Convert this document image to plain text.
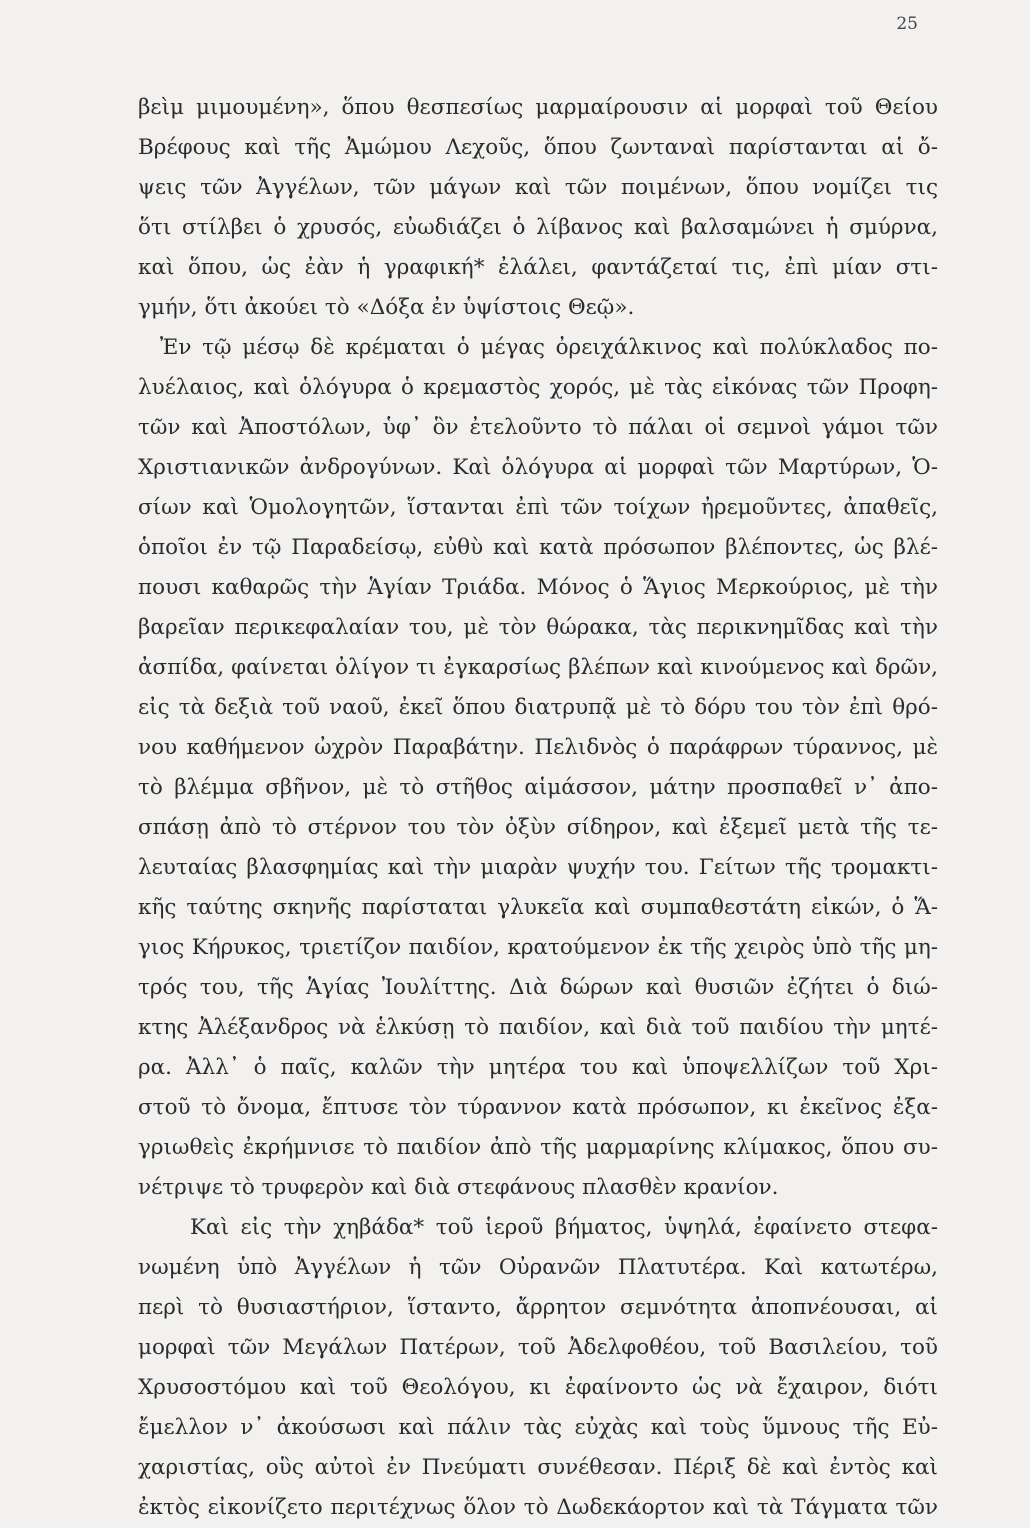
25
βεὶμ μιμουμένη», ὅπου θεσπεσίως μαρμαίρουσιν αἱ μορφαὶ τοῦ Θείου
Βρέφους καὶ τῆς Ἀμώμου Λεχοῦς, ὅπου ζωνταναὶ παρίστανται αἱ ὄ-
ψεις τῶν Ἀγγέλων, τῶν μάγων καὶ τῶν ποιμένων, ὅπου νομίζει τις
ὅτι στίλβει ὁ χρυσός, εὐωδιάζει ὁ λίβανος καὶ βαλσαμώνει ἡ σμύρνα,
καὶ ὅπου, ὡς ἐὰν ἡ γραφική* ἐλάλει, φαντάζεταί τις, ἐπὶ μίαν στι-
γμήν, ὅτι ἀκούει τὸ «Δόξα ἐν ὑψίστοις Θεῷ».
Ἐν τῷ μέσῳ δὲ κρέμαται ὁ μέγας ὀρειχάλκινος καὶ πολύκλαδος πο-
λυέλαιος, καὶ ὁλόγυρα ὁ κρεμαστὸς χορός, μὲ τὰς εἰκόνας τῶν Προφη-
τῶν καὶ Ἀποστόλων, ὑφ᾽ ὃν ἐτελοῦντο τὸ πάλαι οἱ σεμνοὶ γάμοι τῶν
Χριστιανικῶν ἀνδρογύνων. Καὶ ὁλόγυρα αἱ μορφαὶ τῶν Μαρτύρων, Ὁ-
σίων καὶ Ὁμολογητῶν, ἵστανται ἐπὶ τῶν τοίχων ἠρεμοῦντες, ἀπαθεῖς,
ὁποῖοι ἐν τῷ Παραδείσῳ, εὐθὺ καὶ κατὰ πρόσωπον βλέποντες, ὡς βλέ-
πουσι καθαρῶς τὴν Ἁγίαν Τριάδα. Μόνος ὁ Ἅγιος Μερκούριος, μὲ τὴν
βαρεῖαν περικεφαλαίαν του, μὲ τὸν θώρακα, τὰς περικνημῖδας καὶ τὴν
ἀσπίδα, φαίνεται ὀλίγον τι ἐγκαρσίως βλέπων καὶ κινούμενος καὶ δρῶν,
εἰς τὰ δεξιὰ τοῦ ναοῦ, ἐκεῖ ὅπου διατρυπᾷ μὲ τὸ δόρυ του τὸν ἐπὶ θρό-
νου καθήμενον ὠχρὸν Παραβάτην. Πελιδνὸς ὁ παράφρων τύραννος, μὲ
τὸ βλέμμα σβῆνον, μὲ τὸ στῆθος αἱμάσσον, μάτην προσπαθεῖ ν᾽ ἀπο-
σπάσῃ ἀπὸ τὸ στέρνον του τὸν ὀξὺν σίδηρον, καὶ ἐξεμεῖ μετὰ τῆς τε-
λευταίας βλασφημίας καὶ τὴν μιαρὰν ψυχήν του. Γείτων τῆς τρομακτι-
κῆς ταύτης σκηνῆς παρίσταται γλυκεῖα καὶ συμπαθεστάτη εἰκών, ὁ Ἅ-
γιος Κήρυκος, τριετίζον παιδίον, κρατούμενον ἐκ τῆς χειρὸς ὑπὸ τῆς μη-
τρός του, τῆς Ἁγίας Ἰουλίττης. Διὰ δώρων καὶ θυσιῶν ἐζήτει ὁ διώ-
κτης Ἀλέξανδρος νὰ ἑλκύσῃ τὸ παιδίον, καὶ διὰ τοῦ παιδίου τὴν μητέ-
ρα. Ἀλλ᾽ ὁ παῖς, καλῶν τὴν μητέρα του καὶ ὑποψελλίζων τοῦ Χρι-
στοῦ τὸ ὄνομα, ἔπτυσε τὸν τύραννον κατὰ πρόσωπον, κι ἐκεῖνος ἐξα-
γριωθεὶς ἐκρήμνισε τὸ παιδίον ἀπὸ τῆς μαρμαρίνης κλίμακος, ὅπου συ-
νέτριψε τὸ τρυφερὸν καὶ διὰ στεφάνους πλασθὲν κρανίον.
Καὶ εἰς τὴν χηβάδα* τοῦ ἱεροῦ βήματος, ὑψηλά, ἐφαίνετο στεφα-
νωμένη ὑπὸ Ἀγγέλων ἡ τῶν Οὐρανῶν Πλατυτέρα. Καὶ κατωτέρω,
περὶ τὸ θυσιαστήριον, ἵσταντο, ἄρρητον σεμνότητα ἀποπνέουσαι, αἱ
μορφαὶ τῶν Μεγάλων Πατέρων, τοῦ Ἀδελφοθέου, τοῦ Βασιλείου, τοῦ
Χρυσοστόμου καὶ τοῦ Θεολόγου, κι ἐφαίνοντο ὡς νὰ ἔχαιρον, διότι
ἔμελλον ν᾽ ἀκούσωσι καὶ πάλιν τὰς εὐχὰς καὶ τοὺς ὕμνους τῆς Εὐ-
χαριστίας, οὓς αὐτοὶ ἐν Πνεύματι συνέθεσαν. Πέριξ δὲ καὶ ἐντὸς καὶ
ἐκτὸς εἰκονίζετο περιτέχνως ὅλον τὸ Δωδεκάορτον καὶ τὰ Τάγματα τῶν
